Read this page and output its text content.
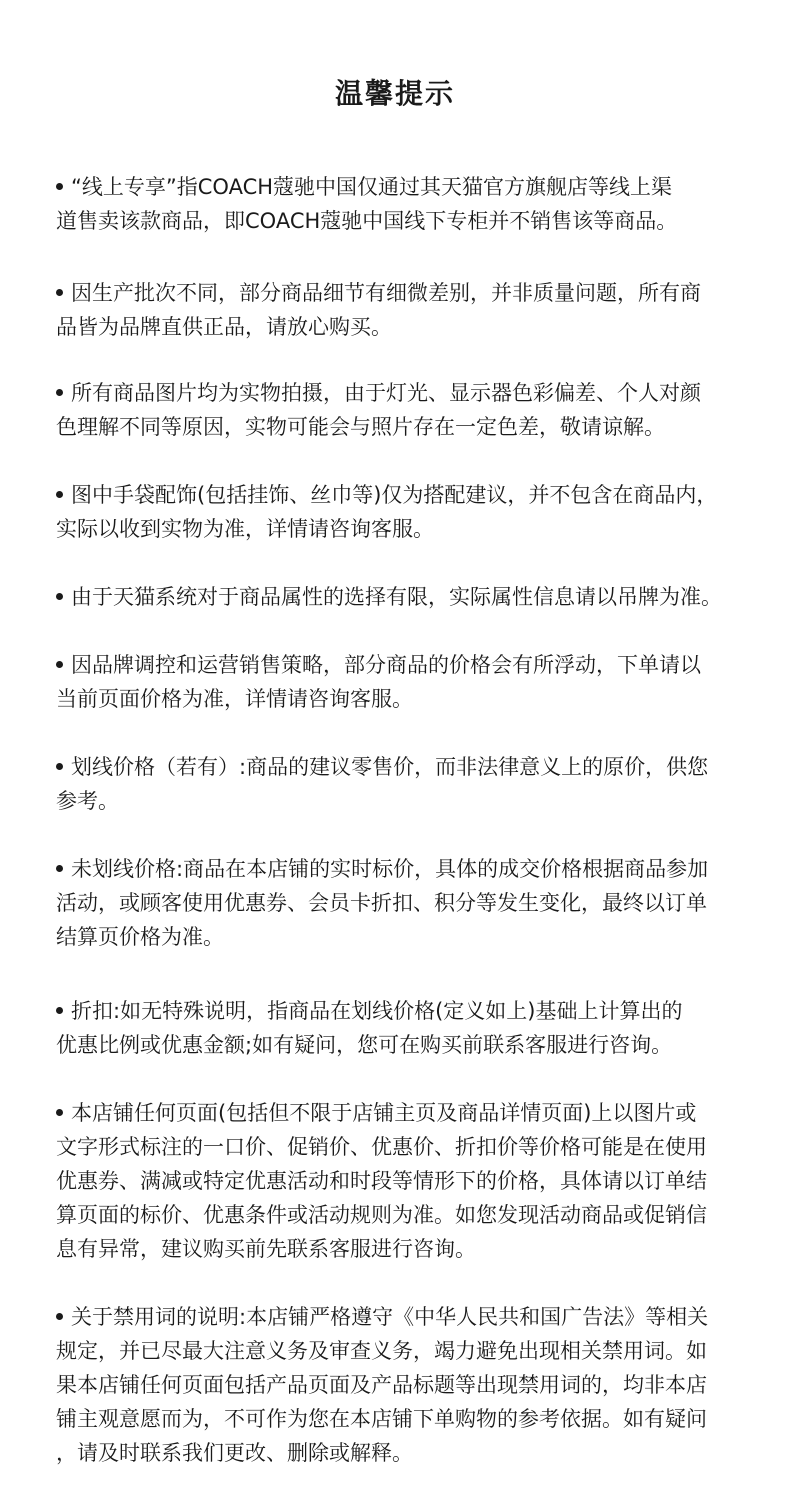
温馨提示
“线上专享”指COACH蔻驰中国仅通过其天猫官方旗舰店等线上渠
道售卖该款商品，即COACH蔻驰中国线下专柜并不销售该等商品。
因生产批次不同，部分商品细节有细微差别，并非质量问题，所有商
品皆为品牌直供正品，请放心购买。
所有商品图片均为实物拍摄，由于灯光、显示器色彩偏差、个人对颜
色理解不同等原因，实物可能会与照片存在一定色差，敬请谅解。
图中手袋配饰(包括挂饰、丝巾等)仅为搭配建议，并不包含在商品内，
实际以收到实物为准，详情请咨询客服。
由于天猫系统对于商品属性的选择有限，实际属性信息请以吊牌为准。
因品牌调控和运营销售策略，部分商品的价格会有所浮动，下单请以
当前页面价格为准，详情请咨询客服。
划线价格（若有）:商品的建议零售价，而非法律意义上的原价，供您
参考。
未划线价格:商品在本店铺的实时标价，具体的成交价格根据商品参加
活动，或顾客使用优惠券、会员卡折扣、积分等发生变化，最终以订单
结算页价格为准。
折扣:如无特殊说明，指商品在划线价格(定义如上)基础上计算出的
优惠比例或优惠金额;如有疑问，您可在购买前联系客服进行咨询。
本店铺任何页面(包括但不限于店铺主页及商品详情页面)上以图片或
文字形式标注的一口价、促销价、优惠价、折扣价等价格可能是在使用
优惠券、满减或特定优惠活动和时段等情形下的价格，具体请以订单结
算页面的标价、优惠条件或活动规则为准。如您发现活动商品或促销信
息有异常，建议购买前先联系客服进行咨询。
关于禁用词的说明:本店铺严格遵守《中华人民共和国广告法》等相关
规定，并已尽最大注意义务及审查义务，竭力避免出现相关禁用词。如
果本店铺任何页面包括产品页面及产品标题等出现禁用词的，均非本店
铺主观意愿而为，不可作为您在本店铺下单购物的参考依据。如有疑问
，请及时联系我们更改、删除或解释。
